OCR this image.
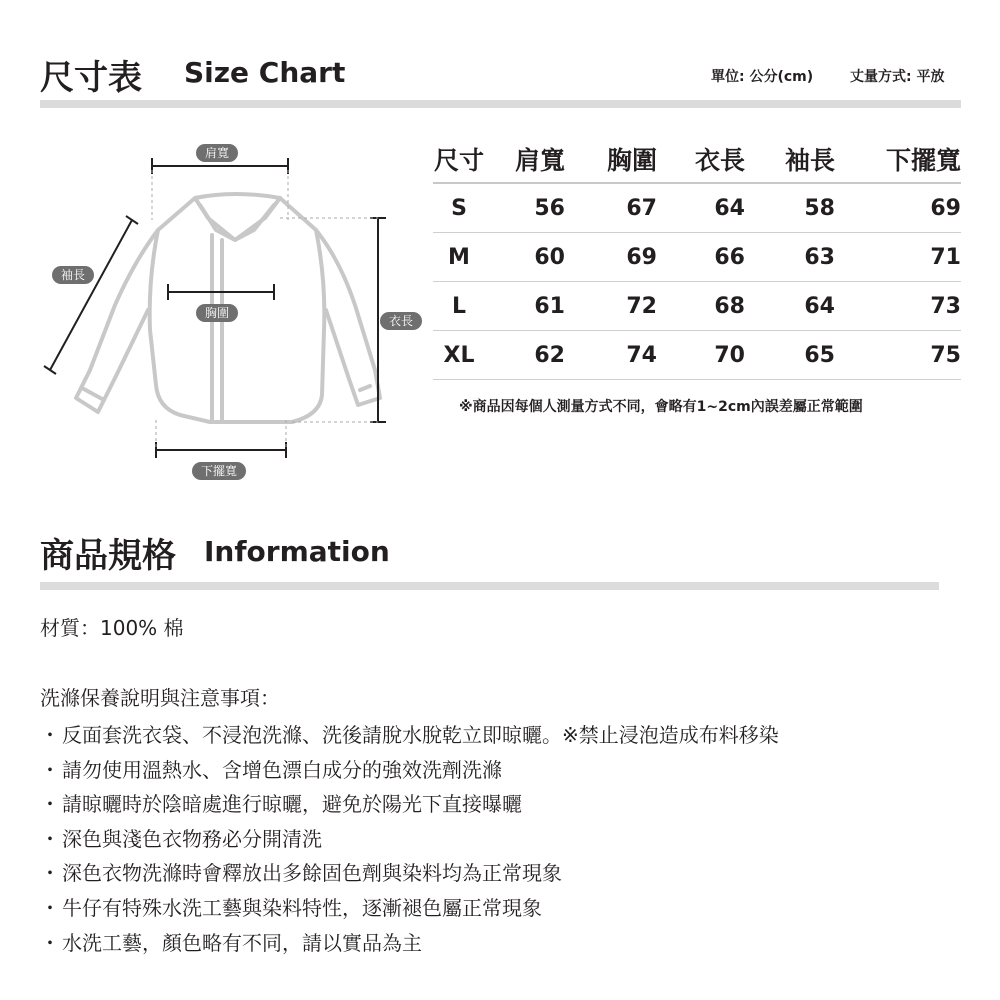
尺寸表 Size Chart	單位: 公分(cm)	丈量方式: 平放
肩寬
袖長
胸圍
衣長
下擺寬
尺寸	肩寬	胸圍	衣長	袖長	下擺寬
S	56	67	64	58	69
M	60	69	66	63	71
L	61	72	68	64	73
XL	62	74	70	65	75
※商品因每個人測量方式不同，會略有1~2cm內誤差屬正常範圍
商品規格 Information
材質：100% 棉
洗滌保養說明與注意事項：
・ 反面套洗衣袋、不浸泡洗滌、洗後請脫水脫乾立即晾曬。※禁止浸泡造成布料移染
・ 請勿使用溫熱水、含增色漂白成分的強效洗劑洗滌
・ 請晾曬時於陰暗處進行晾曬，避免於陽光下直接曝曬
・ 深色與淺色衣物務必分開清洗
・ 深色衣物洗滌時會釋放出多餘固色劑與染料均為正常現象
・ 牛仔有特殊水洗工藝與染料特性，逐漸褪色屬正常現象
・ 水洗工藝，顏色略有不同，請以實品為主
